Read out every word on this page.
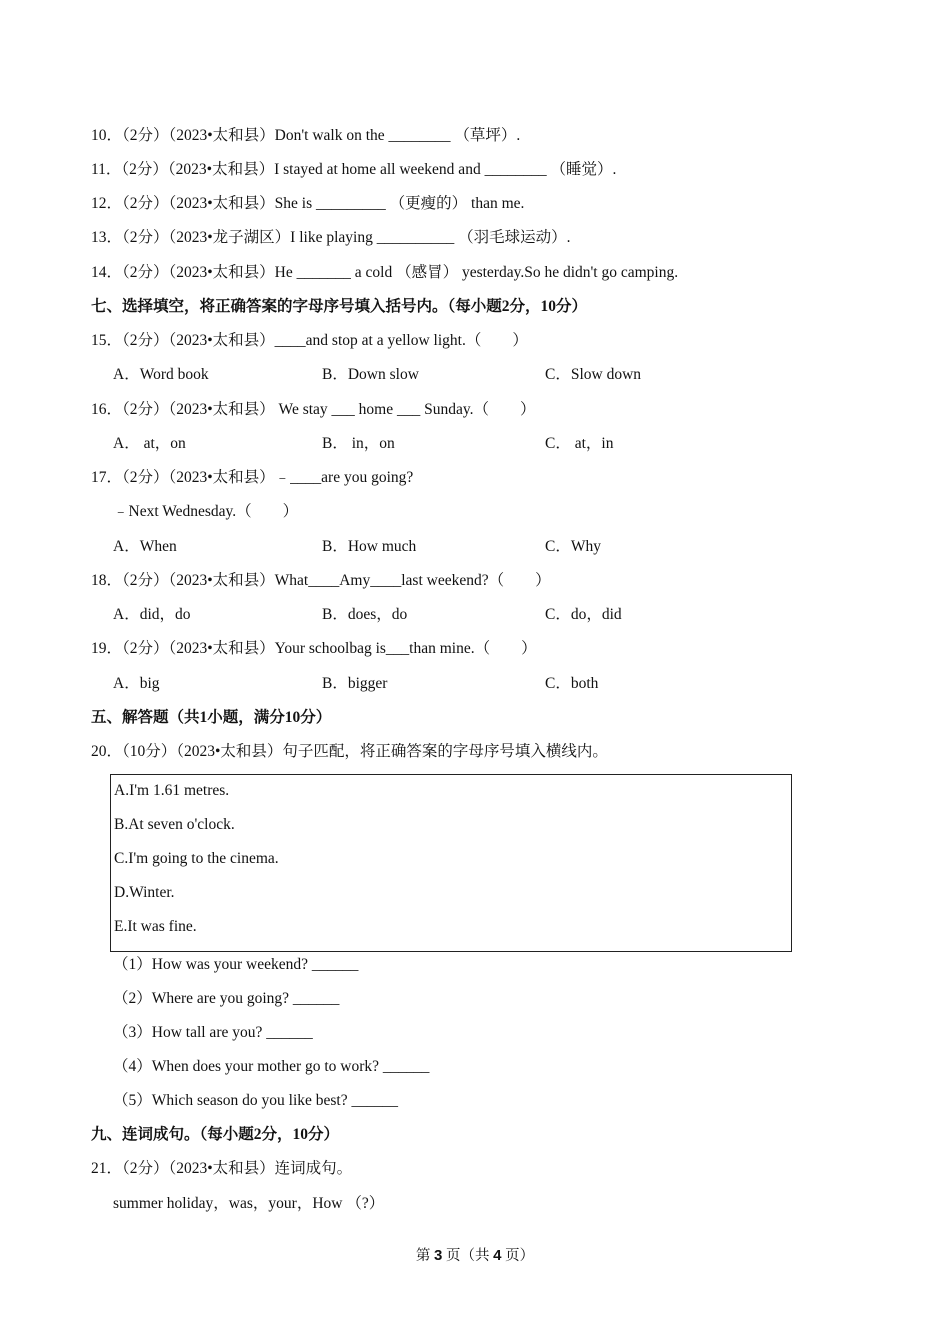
10．（2分）（2023•太和县）Don't walk on the ________ （草坪）.
11．（2分）（2023•太和县）I stayed at home all weekend and ________ （睡觉）.
12．（2分）（2023•太和县）She is _________ （更瘦的） than me.
13．（2分）（2023•龙子湖区）I like playing __________ （羽毛球运动）.
14．（2分）（2023•太和县）He _______ a cold （感冒） yesterday.So he didn't go camping.
七、选择填空，将正确答案的字母序号填入括号内。（每小题2分，10分）
15．（2分）（2023•太和县）____and stop at a yellow light.（　　）
A．Word book	B．Down slow	C．Slow down
16．（2分）（2023•太和县） We stay ___ home ___ Sunday.（　　）
A． at，on	B． in，on	C． at，in
17．（2分）（2023•太和县）﹣____are you going?
﹣Next Wednesday.（　　）
A．When	B．How much	C．Why
18．（2分）（2023•太和县）What____Amy____last weekend?（　　）
A．did，do	B．does，do	C．do，did
19．（2分）（2023•太和县）Your schoolbag is___than mine.（　　）
A．big	B．bigger	C．both
五、解答题（共1小题，满分10分）
20．（10分）（2023•太和县）句子匹配，将正确答案的字母序号填入横线内。
A.I'm 1.61 metres.
B.At seven o'clock.
C.I'm going to the cinema.
D.Winter.
E.It was fine.
（1）How was your weekend? ______
（2）Where are you going? ______
（3）How tall are you? ______
（4）When does your mother go to work? ______
（5）Which season do you like best? ______
九、连词成句。（每小题2分，10分）
21．（2分）（2023•太和县）连词成句。
summer holiday，was，your，How （?）
第 3 页（共 4 页）
